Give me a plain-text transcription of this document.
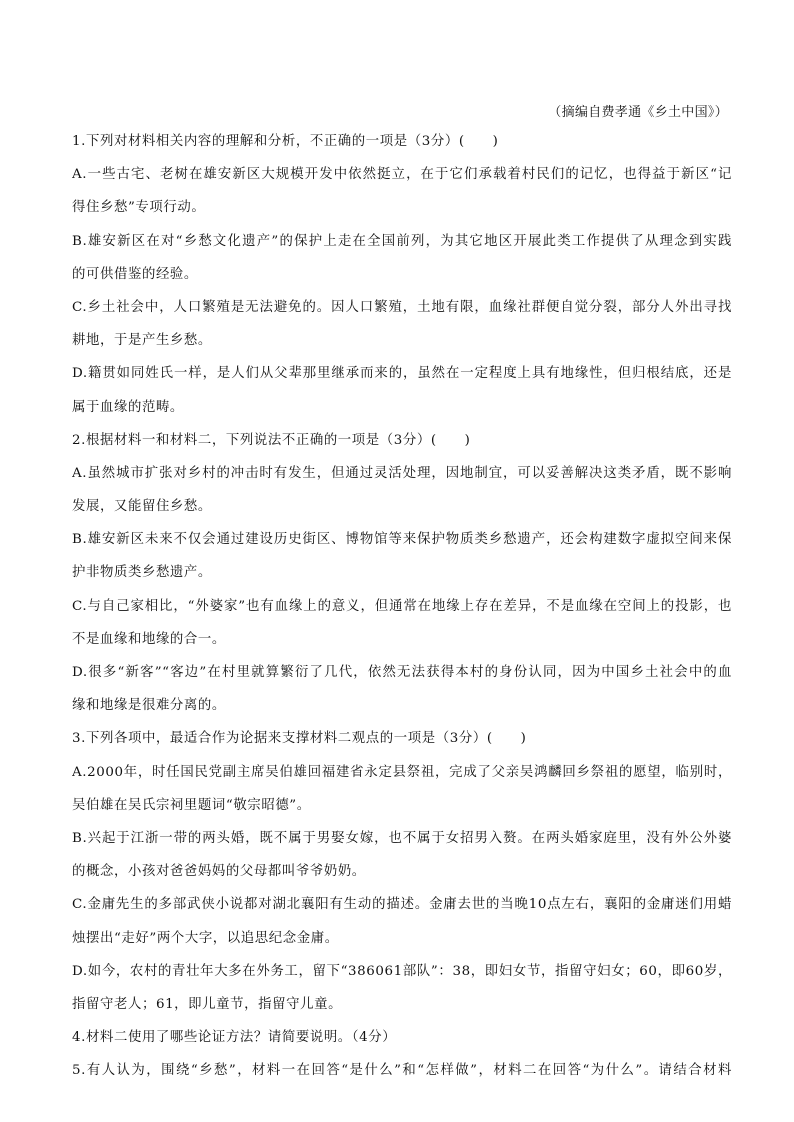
（摘编自费孝通《乡土中国》）
1.下列对材料相关内容的理解和分析，不正确的一项是（3分）(　　)
A.一些古宅、老树在雄安新区大规模开发中依然挺立，在于它们承载着村民们的记忆，也得益于新区“记
得住乡愁”专项行动。
B.雄安新区在对“乡愁文化遗产”的保护上走在全国前列，为其它地区开展此类工作提供了从理念到实践
的可供借鉴的经验。
C.乡土社会中，人口繁殖是无法避免的。因人口繁殖，土地有限，血缘社群便自觉分裂，部分人外出寻找
耕地，于是产生乡愁。
D.籍贯如同姓氏一样，是人们从父辈那里继承而来的，虽然在一定程度上具有地缘性，但归根结底，还是
属于血缘的范畴。
2.根据材料一和材料二，下列说法不正确的一项是（3分）(　　)
A.虽然城市扩张对乡村的冲击时有发生，但通过灵活处理，因地制宜，可以妥善解决这类矛盾，既不影响
发展，又能留住乡愁。
B.雄安新区未来不仅会通过建设历史街区、博物馆等来保护物质类乡愁遗产，还会构建数字虚拟空间来保
护非物质类乡愁遗产。
C.与自己家相比，“外婆家”也有血缘上的意义，但通常在地缘上存在差异，不是血缘在空间上的投影，也
不是血缘和地缘的合一。
D.很多“新客”“客边”在村里就算繁衍了几代，依然无法获得本村的身份认同，因为中国乡土社会中的血
缘和地缘是很难分离的。
3.下列各项中，最适合作为论据来支撑材料二观点的一项是（3分）(　　)
A.2000年，时任国民党副主席吴伯雄回福建省永定县祭祖，完成了父亲吴鸿麟回乡祭祖的愿望，临别时，
吴伯雄在吴氏宗祠里题词“敬宗昭德”。
B.兴起于江浙一带的两头婚，既不属于男娶女嫁，也不属于女招男入赘。在两头婚家庭里，没有外公外婆
的概念，小孩对爸爸妈妈的父母都叫爷爷奶奶。
C.金庸先生的多部武侠小说都对湖北襄阳有生动的描述。金庸去世的当晚10点左右，襄阳的金庸迷们用蜡
烛摆出“走好”两个大字，以追思纪念金庸。
D.如今，农村的青壮年大多在外务工，留下“386061部队”：38，即妇女节，指留守妇女；60，即60岁，
指留守老人；61，即儿童节，指留守儿童。
4.材料二使用了哪些论证方法？请简要说明。（4分）
5.有人认为，围绕“乡愁”，材料一在回答“是什么”和“怎样做”，材料二在回答“为什么”。请结合材料
